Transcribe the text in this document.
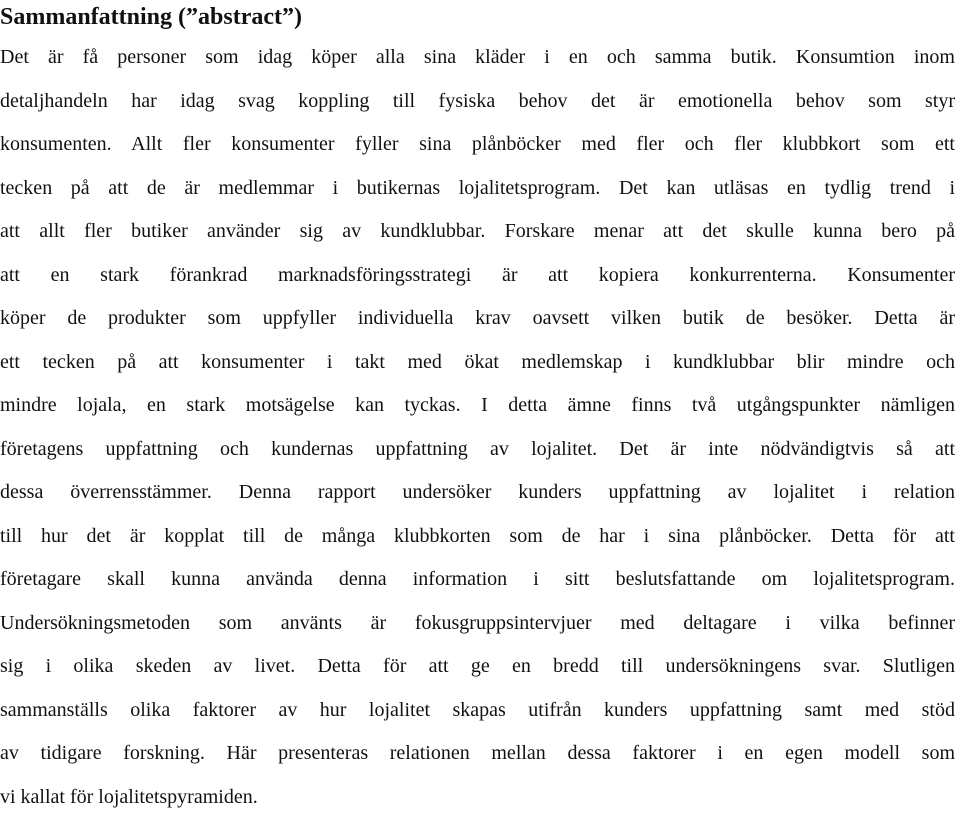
Sammanfattning (”abstract”)
Det är få personer som idag köper alla sina kläder i en och samma butik. Konsumtion inom
detaljhandeln har idag svag koppling till fysiska behov det är emotionella behov som styr
konsumenten. Allt fler konsumenter fyller sina plånböcker med fler och fler klubbkort som ett
tecken på att de är medlemmar i butikernas lojalitetsprogram. Det kan utläsas en tydlig trend i
att allt fler butiker använder sig av kundklubbar. Forskare menar att det skulle kunna bero på
att en stark förankrad marknadsföringsstrategi är att kopiera konkurrenterna. Konsumenter
köper de produkter som uppfyller individuella krav oavsett vilken butik de besöker. Detta är
ett tecken på att konsumenter i takt med ökat medlemskap i kundklubbar blir mindre och
mindre lojala, en stark motsägelse kan tyckas. I detta ämne finns två utgångspunkter nämligen
företagens uppfattning och kundernas uppfattning av lojalitet. Det är inte nödvändigtvis så att
dessa överrensstämmer. Denna rapport undersöker kunders uppfattning av lojalitet i relation
till hur det är kopplat till de många klubbkorten som de har i sina plånböcker. Detta för att
företagare skall kunna använda denna information i sitt beslutsfattande om lojalitetsprogram.
Undersökningsmetoden som använts är fokusgruppsintervjuer med deltagare i vilka befinner
sig i olika skeden av livet. Detta för att ge en bredd till undersökningens svar. Slutligen
sammanställs olika faktorer av hur lojalitet skapas utifrån kunders uppfattning samt med stöd
av tidigare forskning. Här presenteras relationen mellan dessa faktorer i en egen modell som
vi kallat för lojalitetspyramiden.
